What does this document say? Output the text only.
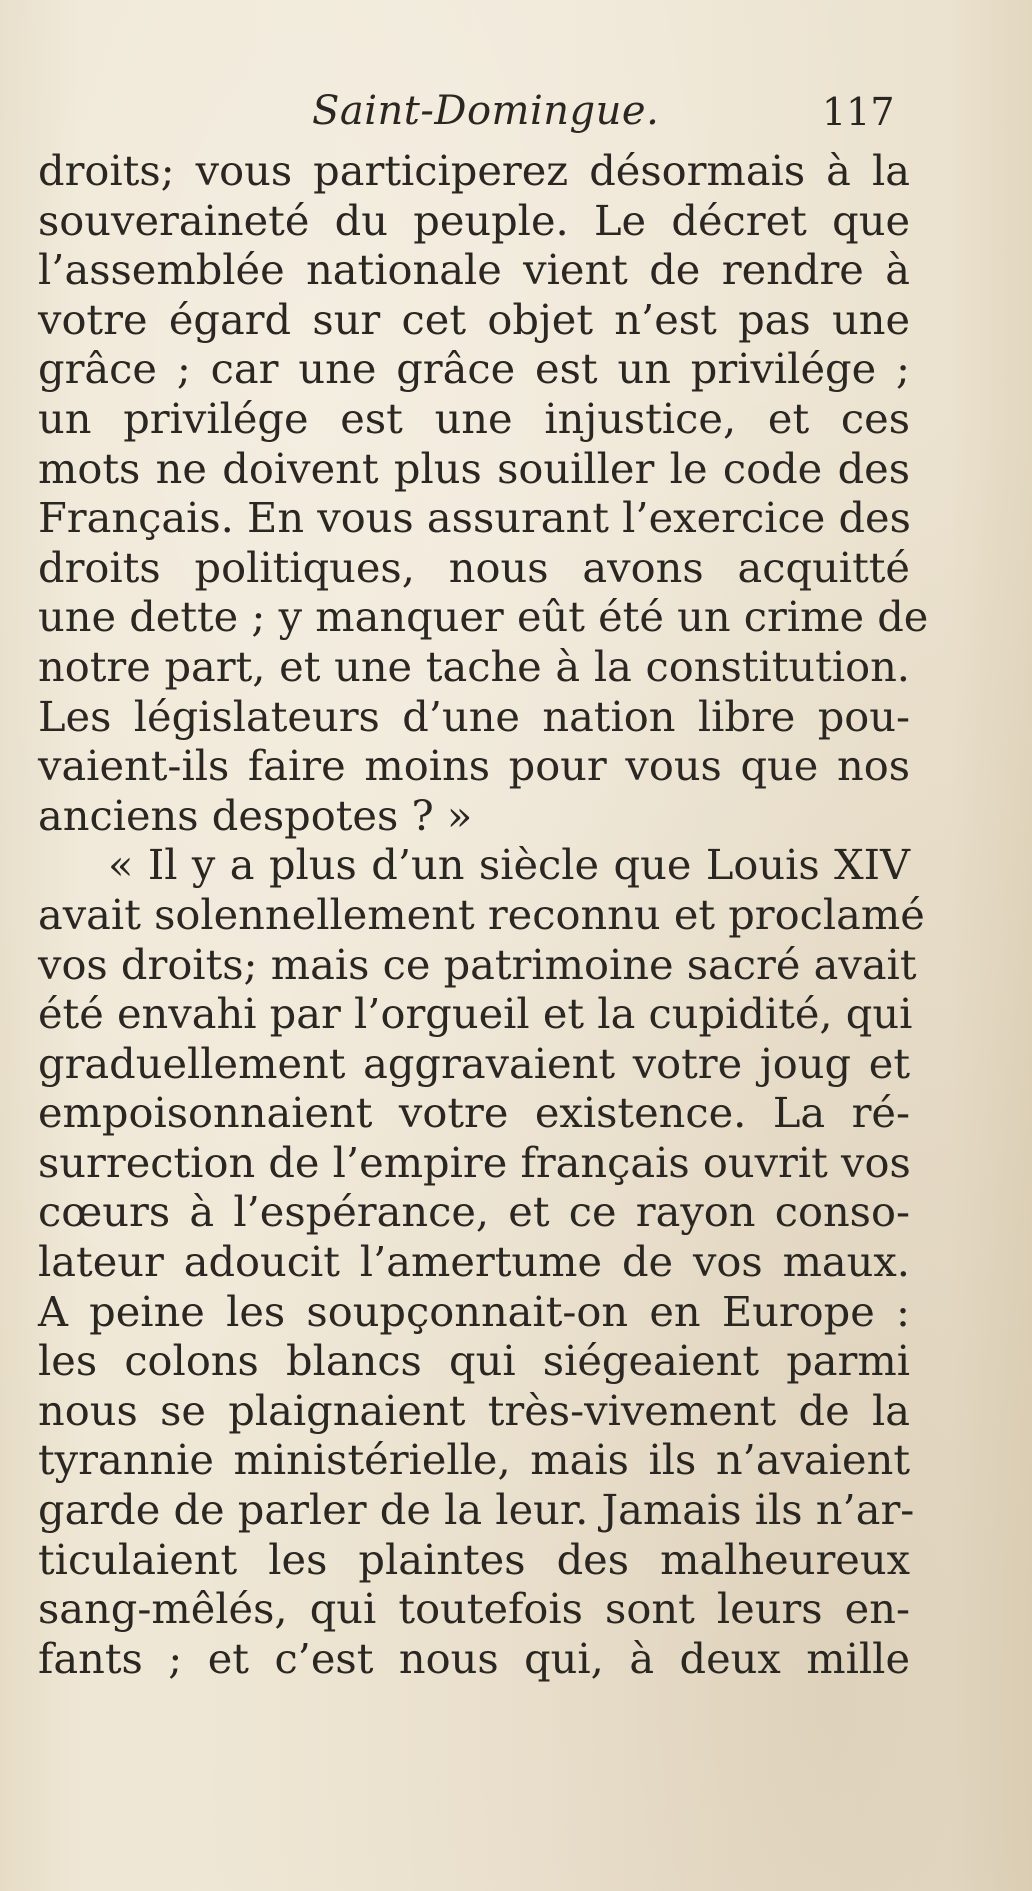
Saint-Domingue.	117
droits; vous participerez désormais à la
souveraineté du peuple. Le décret que
l’assemblée nationale vient de rendre à
votre égard sur cet objet n’est pas une
grâce ; car une grâce est un privilége ;
un privilége est une injustice, et ces
mots ne doivent plus souiller le code des
Français. En vous assurant l’exercice des
droits politiques, nous avons acquitté
une dette ; y manquer eût été un crime de
notre part, et une tache à la constitution.
Les législateurs d’une nation libre pou-
vaient-ils faire moins pour vous que nos
anciens despotes ? »
« Il y a plus d’un siècle que Louis XIV
avait solennellement reconnu et proclamé
vos droits; mais ce patrimoine sacré avait
été envahi par l’orgueil et la cupidité, qui
graduellement aggravaient votre joug et
empoisonnaient votre existence. La ré-
surrection de l’empire français ouvrit vos
cœurs à l’espérance, et ce rayon conso-
lateur adoucit l’amertume de vos maux.
A peine les soupçonnait-on en Europe :
les colons blancs qui siégeaient parmi
nous se plaignaient très-vivement de la
tyrannie ministérielle, mais ils n’avaient
garde de parler de la leur. Jamais ils n’ar-
ticulaient les plaintes des malheureux
sang-mêlés, qui toutefois sont leurs en-
fants ; et c’est nous qui, à deux mille
